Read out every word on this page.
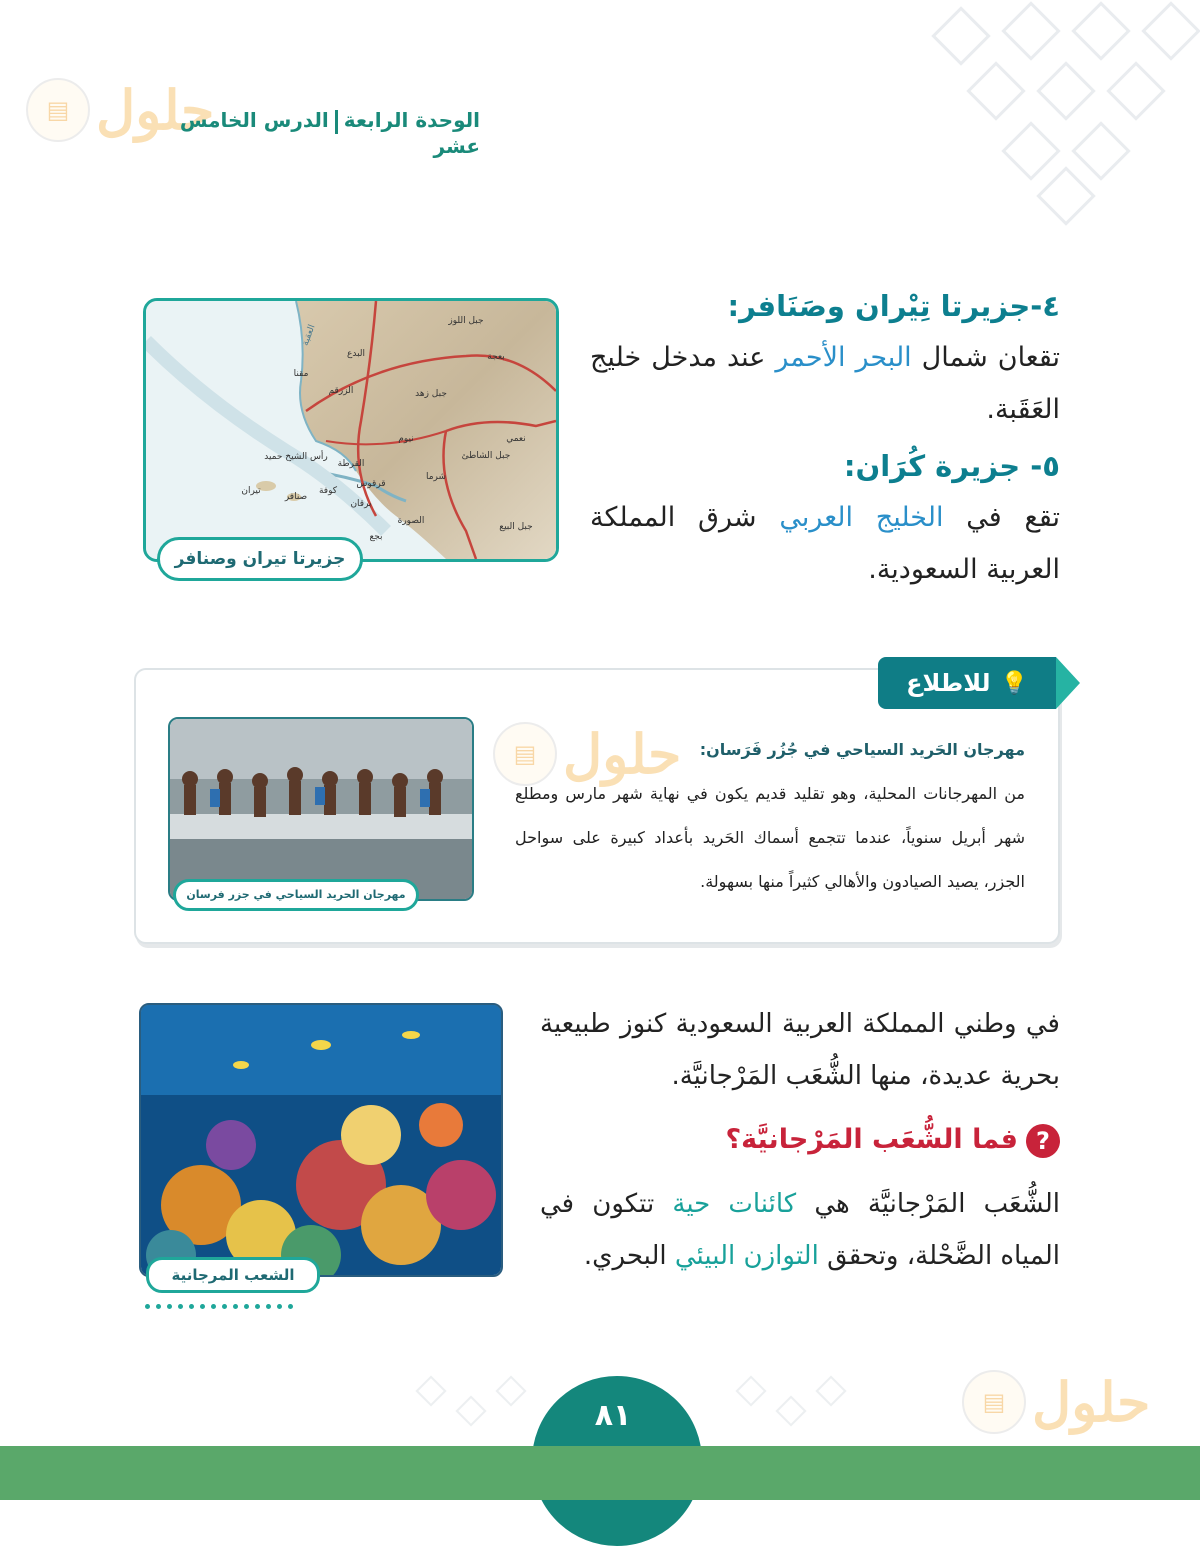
▤ حلول	الوحدة الرابعةالدرس الخامس عشر
٤-جزيرتا تِيْران وصَنَافر:
تقعان شمال البحر الأحمر عند مدخل خليج العَقَبة.
٥- جزيرة كُرَان:
تقع في الخليج العربي شرق المملكة العربية السعودية.
جبل اللوز
البدع
مقنا
الزرقم
بعجة
جبل زهد
نيوم	نعمي
جبل الشاطئ
رأس الشيخ حميد
القرطة
تيران
صنافر
كوفة
برقان
شرما
قرقوس
الصورة
بجع
جبل البيع
العقبة
جزيرتا تيران وصنافر
💡
للاطلاع
مهرجان الحريد السياحي في جزر فرسان
▤ حلول	مهرجان الحَريد السياحي في جُزُر فَرَسان:
من المهرجانات المحلية، وهو تقليد قديم يكون في نهاية شهر مارس ومطلع شهر أبريل سنوياً، عندما تتجمع أسماك الحَريد بأعداد كبيرة على سواحل الجزر، يصيد الصيادون والأهالي كثيراً منها بسهولة.
الشعب المرجانية
في وطني المملكة العربية السعودية كنوز طبيعية بحرية عديدة، منها الشُّعَب المَرْجانيَّة.
?فما الشُّعَب المَرْجانيَّة؟
الشُّعَب المَرْجانيَّة هي كائنات حية تتكون في المياه الضَّحْلة، وتحقق التوازن البيئي البحري.
▤ حلول
٨١
